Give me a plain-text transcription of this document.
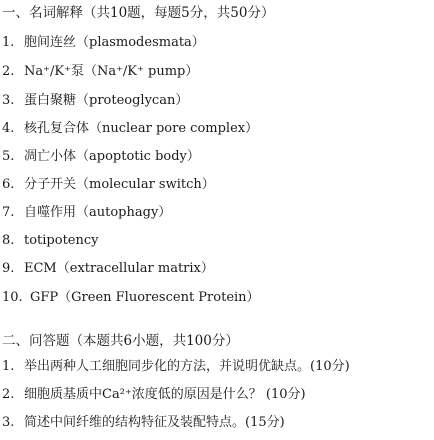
一、名词解释（共10题，每题5分，共50分）
1. 胞间连丝（plasmodesmata）
2. Na⁺/K⁺泵（Na⁺/K⁺ pump）
3. 蛋白聚糖（proteoglycan）
4. 核孔复合体（nuclear pore complex）
5. 凋亡小体（apoptotic body）
6. 分子开关（molecular switch）
7. 自噬作用（autophagy）
8. totipotency
9. ECM（extracellular matrix）
10. GFP（Green Fluorescent Protein）
二、问答题（本题共6小题，共100分）
1. 举出两种人工细胞同步化的方法，并说明优缺点。(10分)
2. 细胞质基质中Ca²⁺浓度低的原因是什么？ (10分)
3. 简述中间纤维的结构特征及装配特点。(15分)
